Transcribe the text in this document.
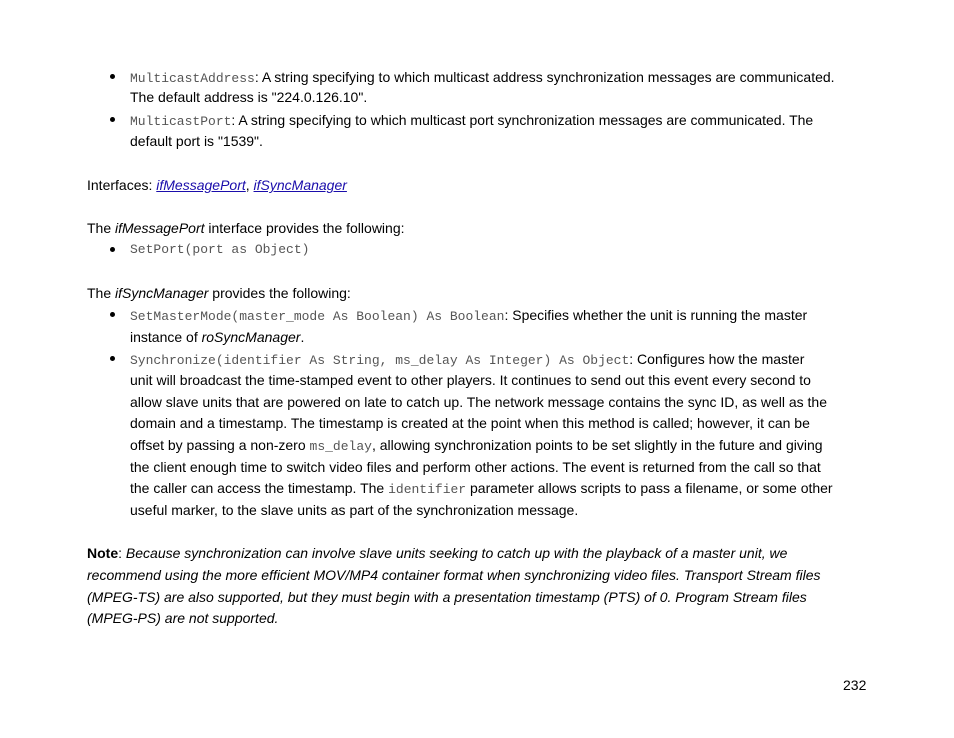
MulticastAddress: A string specifying to which multicast address synchronization messages are communicated.
The default address is "224.0.126.10".
MulticastPort: A string specifying to which multicast port synchronization messages are communicated. The
default port is "1539".
Interfaces: ifMessagePort, ifSyncManager
The ifMessagePort interface provides the following:
SetPort(port as Object)
The ifSyncManager provides the following:
SetMasterMode(master_mode As Boolean) As Boolean: Specifies whether the unit is running the master
instance of roSyncManager.
Synchronize(identifier As String, ms_delay As Integer) As Object: Configures how the master
unit will broadcast the time-stamped event to other players. It continues to send out this event every second to
allow slave units that are powered on late to catch up. The network message contains the sync ID, as well as the
domain and a timestamp. The timestamp is created at the point when this method is called; however, it can be
offset by passing a non-zero ms_delay, allowing synchronization points to be set slightly in the future and giving
the client enough time to switch video files and perform other actions. The event is returned from the call so that
the caller can access the timestamp. The identifier parameter allows scripts to pass a filename, or some other
useful marker, to the slave units as part of the synchronization message.
Note: Because synchronization can involve slave units seeking to catch up with the playback of a master unit, we
recommend using the more efficient MOV/MP4 container format when synchronizing video files. Transport Stream files
(MPEG-TS) are also supported, but they must begin with a presentation timestamp (PTS) of 0. Program Stream files
(MPEG-PS) are not supported.
232
